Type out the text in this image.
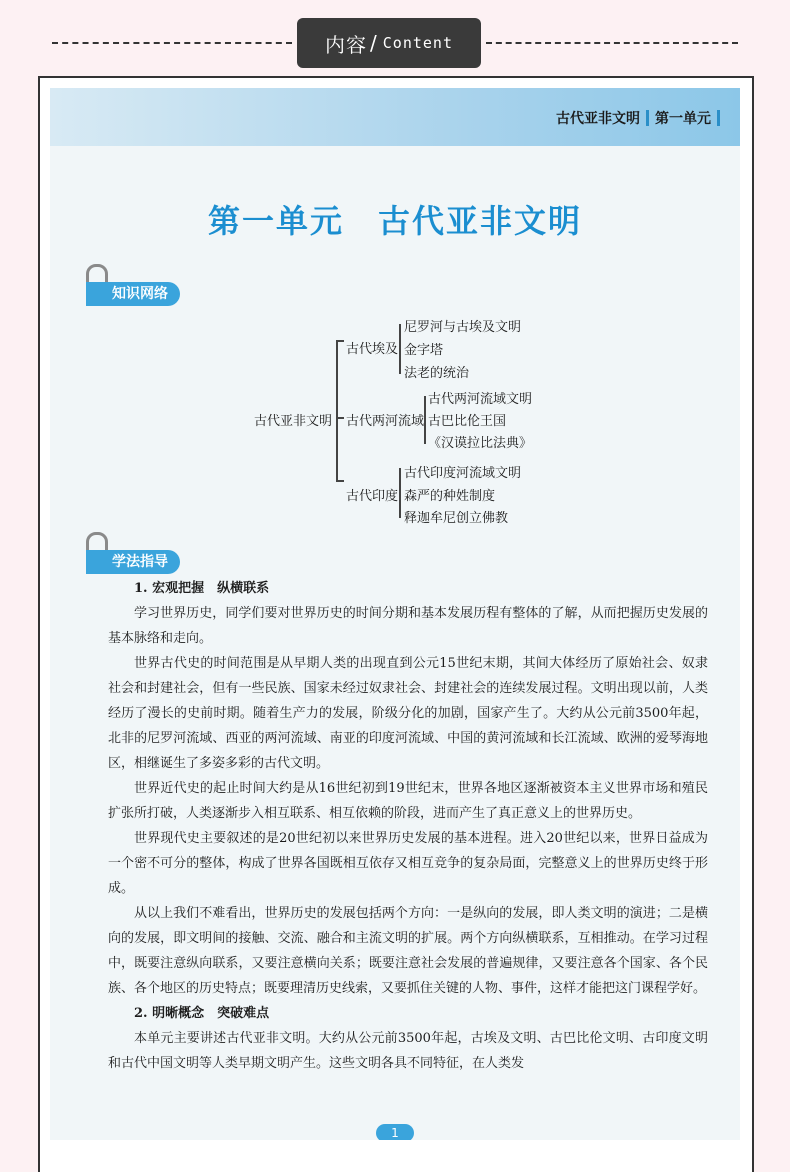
内容 / Content
古代亚非文明 第一单元
第一单元　古代亚非文明
知识网络
古代亚非文明
古代埃及
尼罗河与古埃及文明
金字塔
法老的统治
古代两河流域
古代两河流域文明
古巴比伦王国
《汉谟拉比法典》
古代印度
古代印度河流域文明
森严的种姓制度
释迦牟尼创立佛教
学法指导

1. 宏观把握　纵横联系

学习世界历史，同学们要对世界历史的时间分期和基本发展历程有整体的了解，从而把握历史发展的基本脉络和走向。

世界古代史的时间范围是从早期人类的出现直到公元15世纪末期，其间大体经历了原始社会、奴隶社会和封建社会，但有一些民族、国家未经过奴隶社会、封建社会的连续发展过程。文明出现以前，人类经历了漫长的史前时期。随着生产力的发展，阶级分化的加剧，国家产生了。大约从公元前3500年起，北非的尼罗河流域、西亚的两河流域、南亚的印度河流域、中国的黄河流域和长江流域、欧洲的爱琴海地区，相继诞生了多姿多彩的古代文明。

世界近代史的起止时间大约是从16世纪初到19世纪末，世界各地区逐渐被资本主义世界市场和殖民扩张所打破，人类逐渐步入相互联系、相互依赖的阶段，进而产生了真正意义上的世界历史。

世界现代史主要叙述的是20世纪初以来世界历史发展的基本进程。进入20世纪以来，世界日益成为一个密不可分的整体，构成了世界各国既相互依存又相互竞争的复杂局面，完整意义上的世界历史终于形成。

从以上我们不难看出，世界历史的发展包括两个方向：一是纵向的发展，即人类文明的演进；二是横向的发展，即文明间的接触、交流、融合和主流文明的扩展。两个方向纵横联系，互相推动。在学习过程中，既要注意纵向联系，又要注意横向关系；既要注意社会发展的普遍规律，又要注意各个国家、各个民族、各个地区的历史特点；既要理清历史线索，又要抓住关键的人物、事件，这样才能把这门课程学好。

2. 明晰概念　突破难点

本单元主要讲述古代亚非文明。大约从公元前3500年起，古埃及文明、古巴比伦文明、古印度文明和古代中国文明等人类早期文明产生。这些文明各具不同特征，在人类发

1
